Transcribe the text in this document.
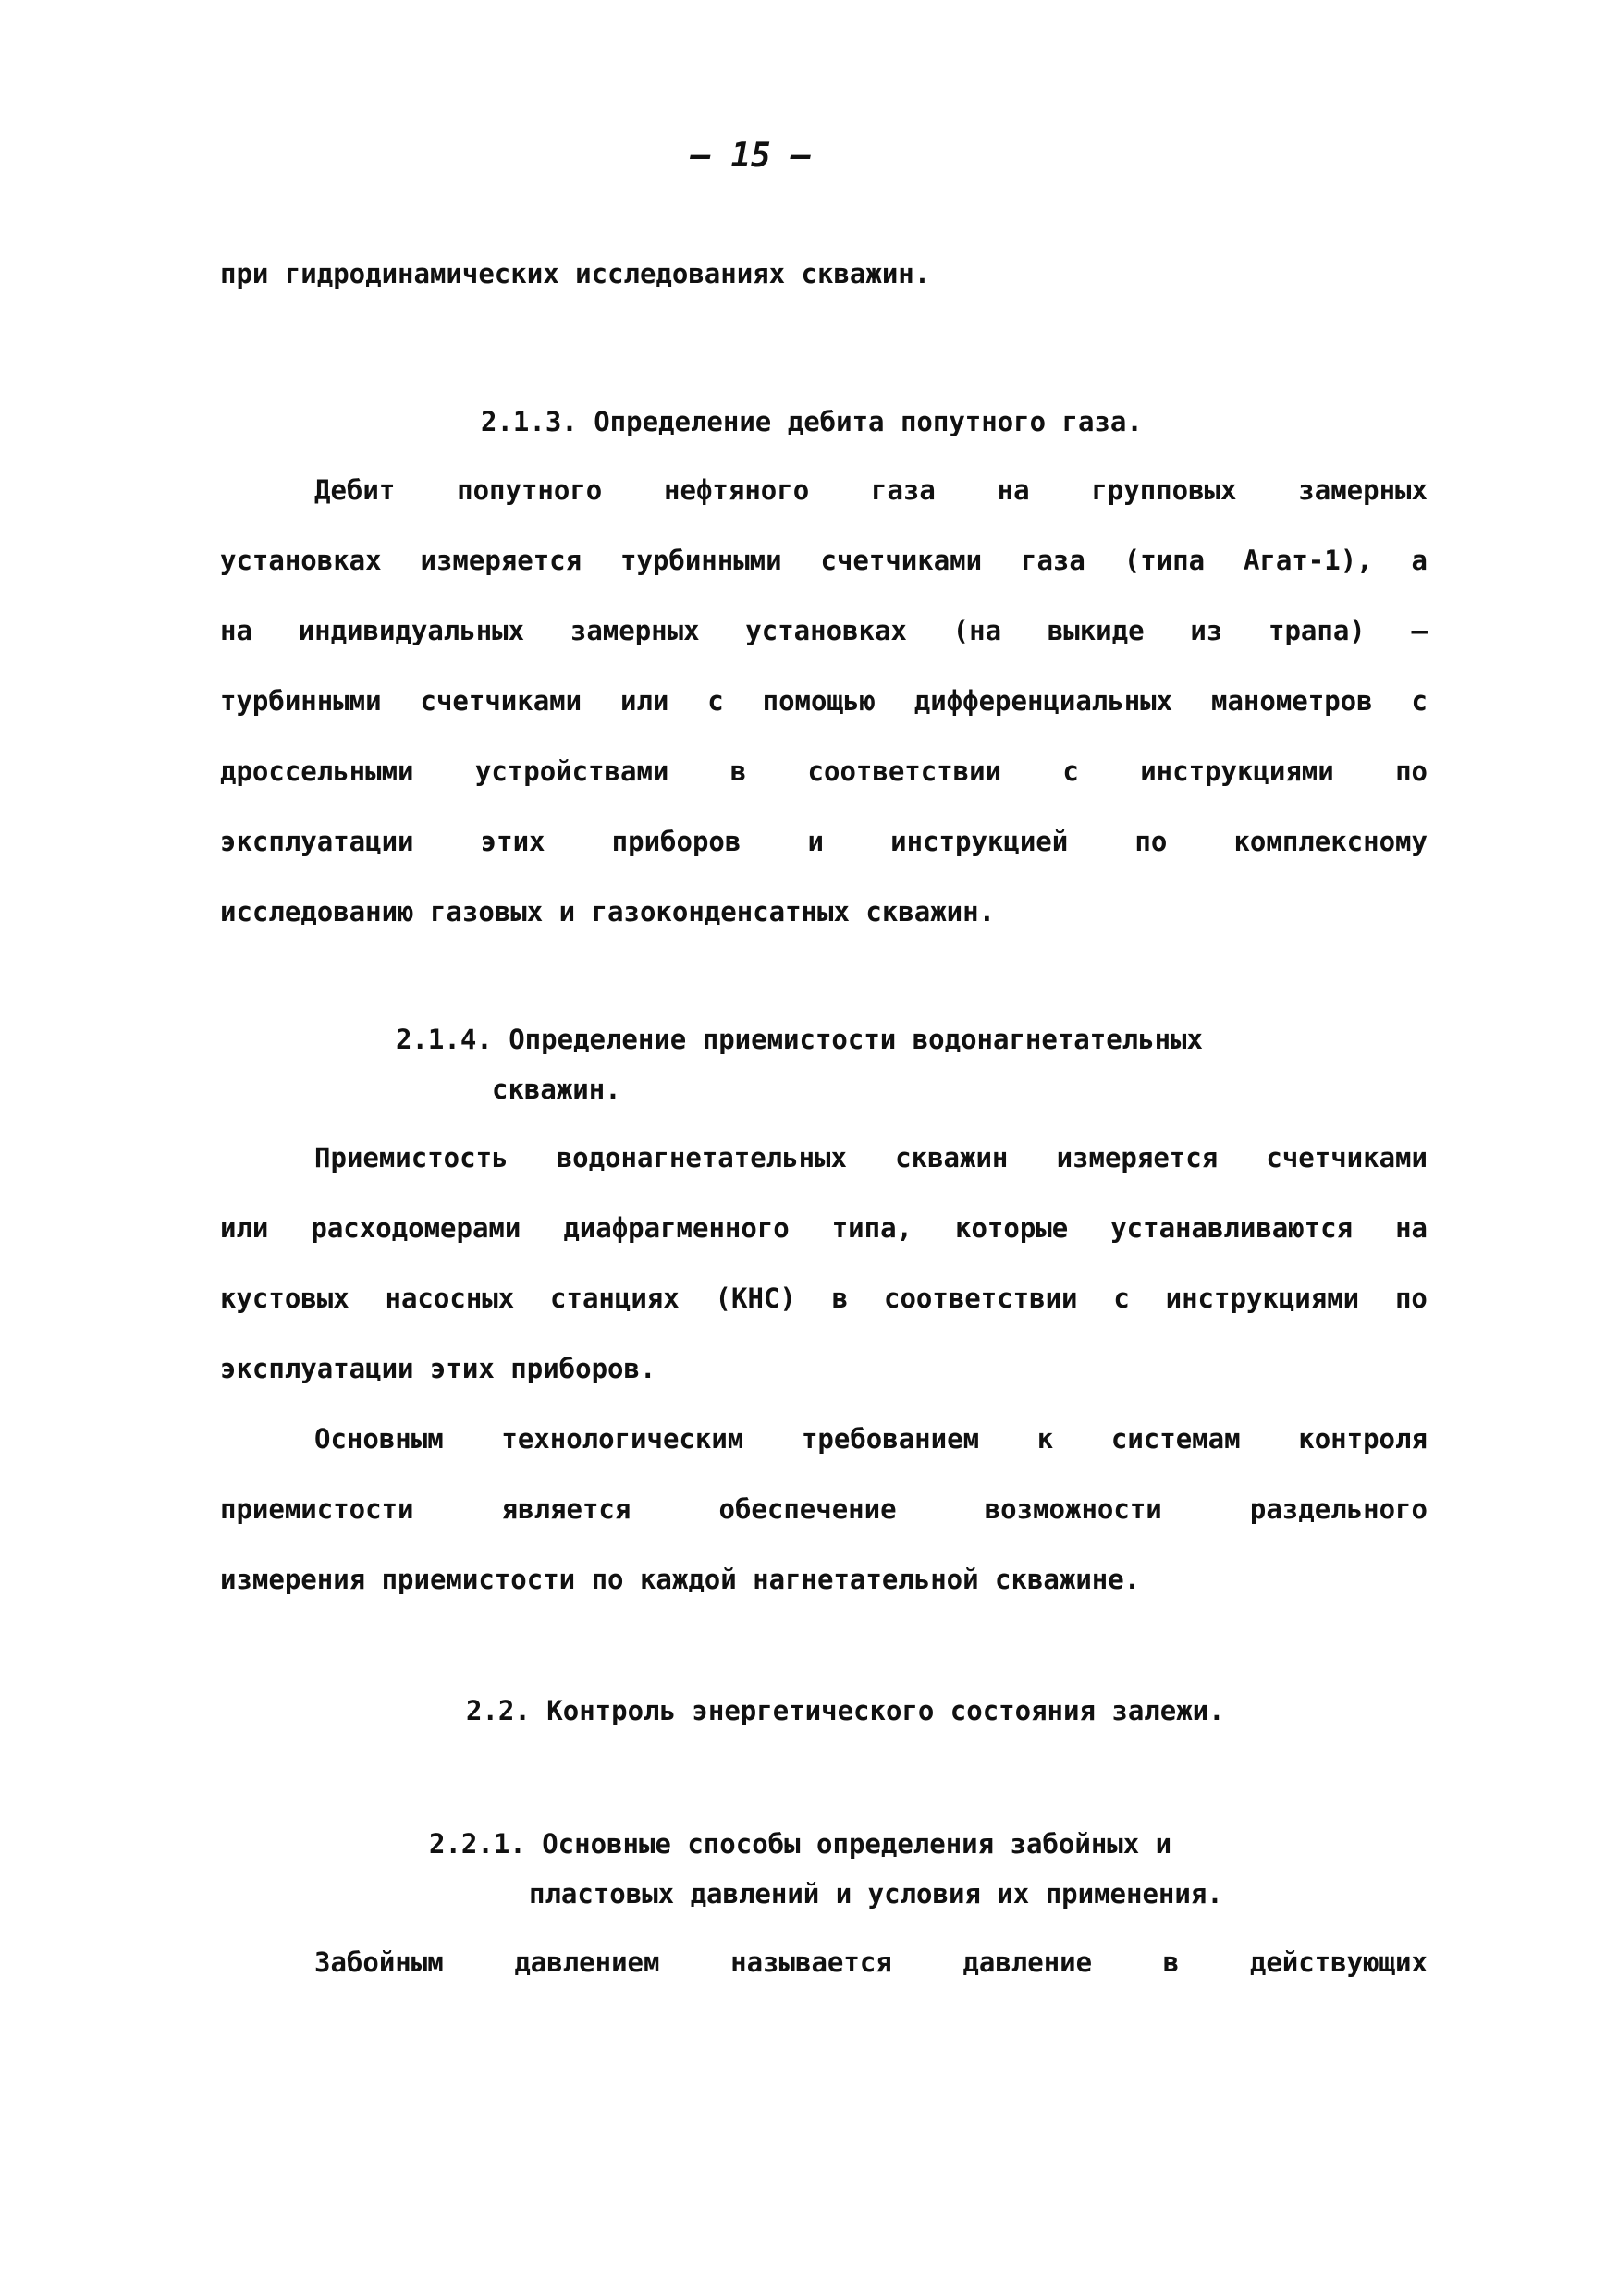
– 15 –
при гидродинамических исследованиях скважин.
2.1.3. Определение дебита попутного газа.
Дебит попутного нефтяного газа на групповых замерных
установках измеряется турбинными счетчиками газа (типа Агат-1), а
на индивидуальных замерных установках (на выкиде из трапа) –
турбинными счетчиками или с помощью дифференциальных манометров с
дроссельными устройствами в соответствии с инструкциями по
эксплуатации этих приборов и инструкцией по комплексному
исследованию газовых и газоконденсатных скважин.
2.1.4. Определение приемистости водонагнетательных
скважин.
Приемистость водонагнетательных скважин измеряется счетчиками
или расходомерами диафрагменного типа, которые устанавливаются на
кустовых насосных станциях (КНС) в соответствии с инструкциями по
эксплуатации этих приборов.
Основным технологическим требованием к системам контроля
приемистости	является	обеспечение	возможности	раздельного
измерения приемистости по каждой нагнетательной скважине.
2.2. Контроль энергетического состояния залежи.
2.2.1. Основные способы определения забойных и
пластовых давлений и условия их применения.
Забойным	давлением	называется	давление	в	действующих
